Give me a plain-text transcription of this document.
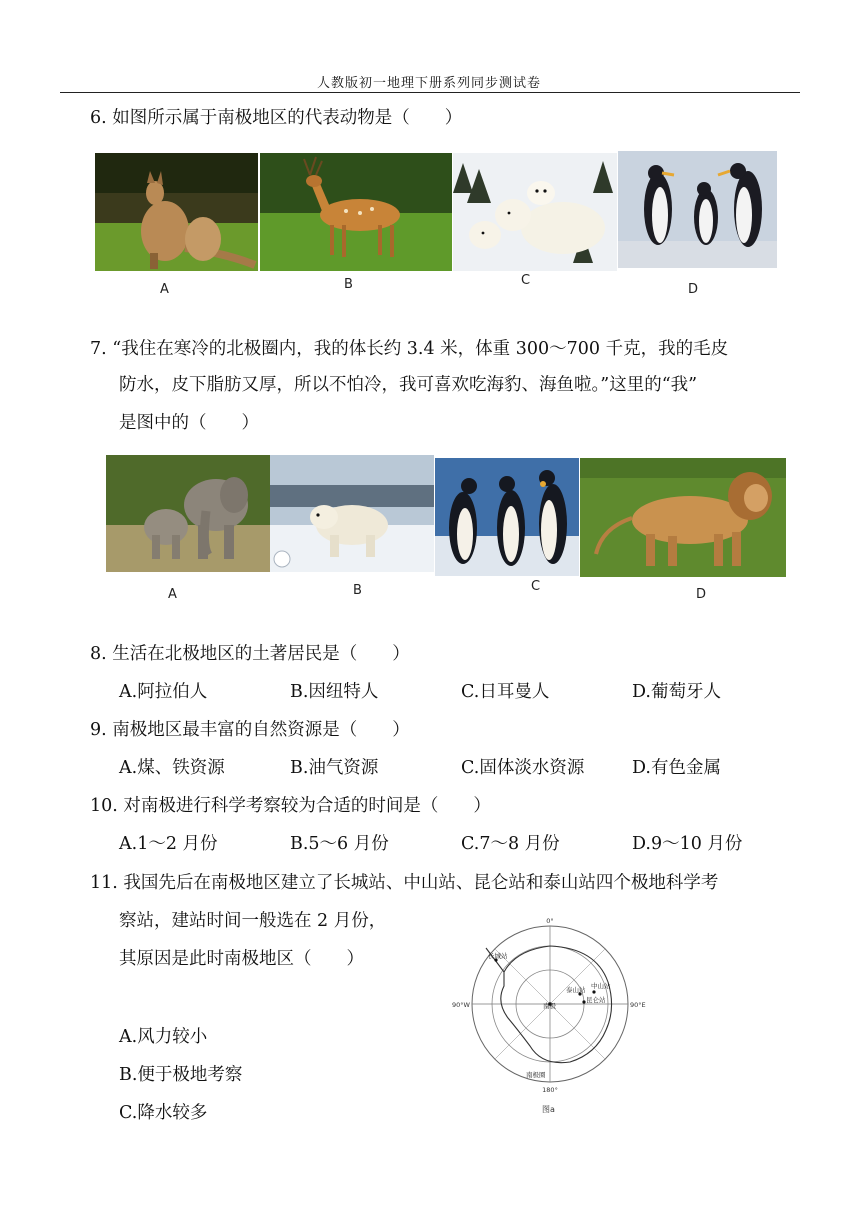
人教版初一地理下册系列同步测试卷
6. 如图所示属于南极地区的代表动物是（　　）
A	B	C
D
7. “我住在寒冷的北极圈内，我的体长约 3.4 米，体重 300～700 千克，我的毛皮
防水，皮下脂肪又厚，所以不怕冷，我可喜欢吃海豹、海鱼啦。”这里的“我”
是图中的（　　）
A	B	C
D
8. 生活在北极地区的土著居民是（　　）
A.阿拉伯人	B.因纽特人	C.日耳曼人	D.葡萄牙人
9. 南极地区最丰富的自然资源是（　　）
A.煤、铁资源	B.油气资源	C.固体淡水资源	D.有色金属
10. 对南极进行科学考察较为合适的时间是（　　）
A.1～2 月份	B.5～6 月份	C.7～8 月份	D.9～10 月份
11. 我国先后在南极地区建立了长城站、中山站、昆仑站和泰山站四个极地科学考
察站，建站时间一般选在 2 月份，
其原因是此时南极地区（　　）
A.风力较小
B.便于极地考察
C.降水较多
0°
180°
90°W	90°E
南极
南极圈
长城站
中山站
泰山站
昆仑站
图a
